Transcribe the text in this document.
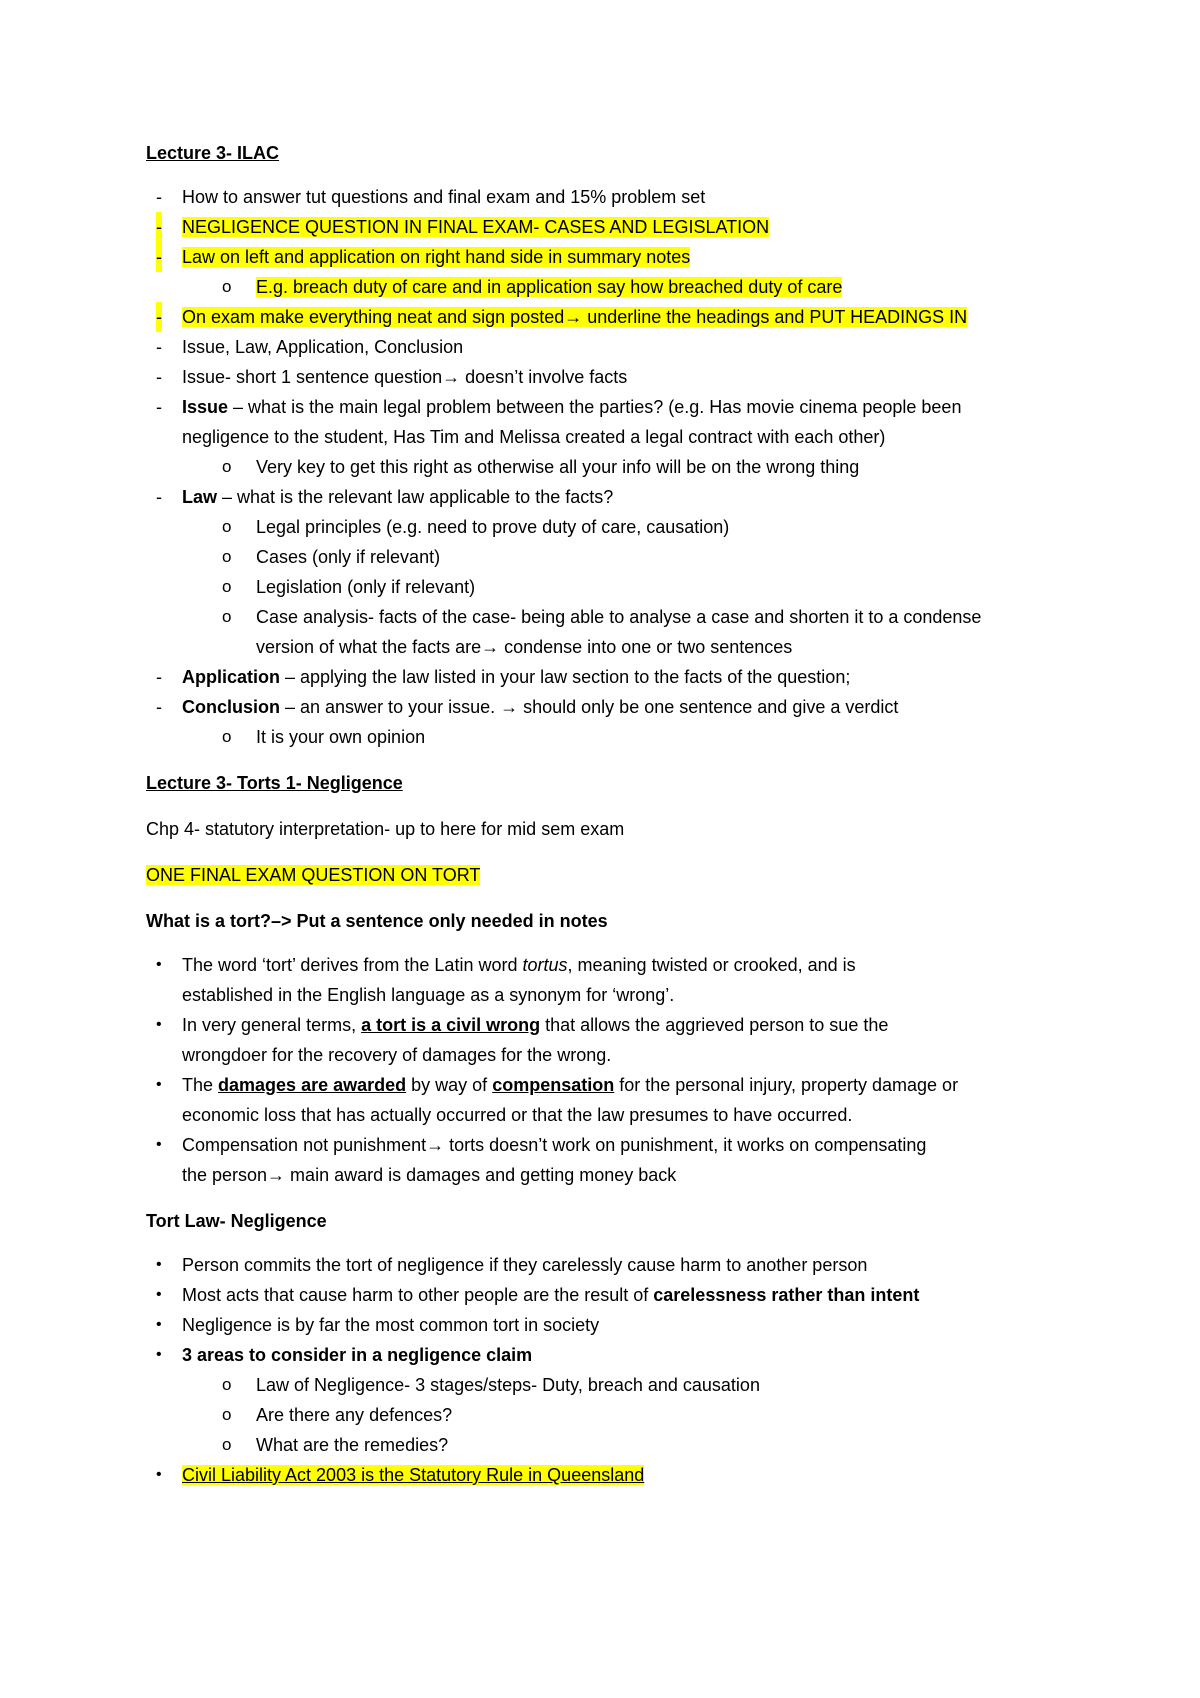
Lecture 3- ILAC
- How to answer tut questions and final exam and 15% problem set
- NEGLIGENCE QUESTION IN FINAL EXAM- CASES AND LEGISLATION
- Law on left and application on right hand side in summary notes
o E.g. breach duty of care and in application say how breached duty of care
- On exam make everything neat and sign posted→ underline the headings and PUT HEADINGS IN
- Issue, Law, Application, Conclusion
- Issue- short 1 sentence question→ doesn’t involve facts
- Issue – what is the main legal problem between the parties? (e.g. Has movie cinema people been
negligence to the student, Has Tim and Melissa created a legal contract with each other)
o Very key to get this right as otherwise all your info will be on the wrong thing
- Law – what is the relevant law applicable to the facts?
o Legal principles (e.g. need to prove duty of care, causation)
o Cases (only if relevant)
o Legislation (only if relevant)
o Case analysis- facts of the case- being able to analyse a case and shorten it to a condense
version of what the facts are→ condense into one or two sentences
- Application – applying the law listed in your law section to the facts of the question;
- Conclusion – an answer to your issue. → should only be one sentence and give a verdict
o It is your own opinion
Lecture 3- Torts 1- Negligence
Chp 4- statutory interpretation- up to here for mid sem exam
ONE FINAL EXAM QUESTION ON TORT
What is a tort?–> Put a sentence only needed in notes
• The word ‘tort’ derives from the Latin word tortus, meaning twisted or crooked, and is
established in the English language as a synonym for ‘wrong’.
• In very general terms, a tort is a civil wrong that allows the aggrieved person to sue the
wrongdoer for the recovery of damages for the wrong.
• The damages are awarded by way of compensation for the personal injury, property damage or
economic loss that has actually occurred or that the law presumes to have occurred.
• Compensation not punishment→ torts doesn’t work on punishment, it works on compensating
the person→ main award is damages and getting money back
Tort Law- Negligence
• Person commits the tort of negligence if they carelessly cause harm to another person
• Most acts that cause harm to other people are the result of carelessness rather than intent
• Negligence is by far the most common tort in society
• 3 areas to consider in a negligence claim
o Law of Negligence- 3 stages/steps- Duty, breach and causation
o Are there any defences?
o What are the remedies?
• Civil Liability Act 2003 is the Statutory Rule in Queensland
